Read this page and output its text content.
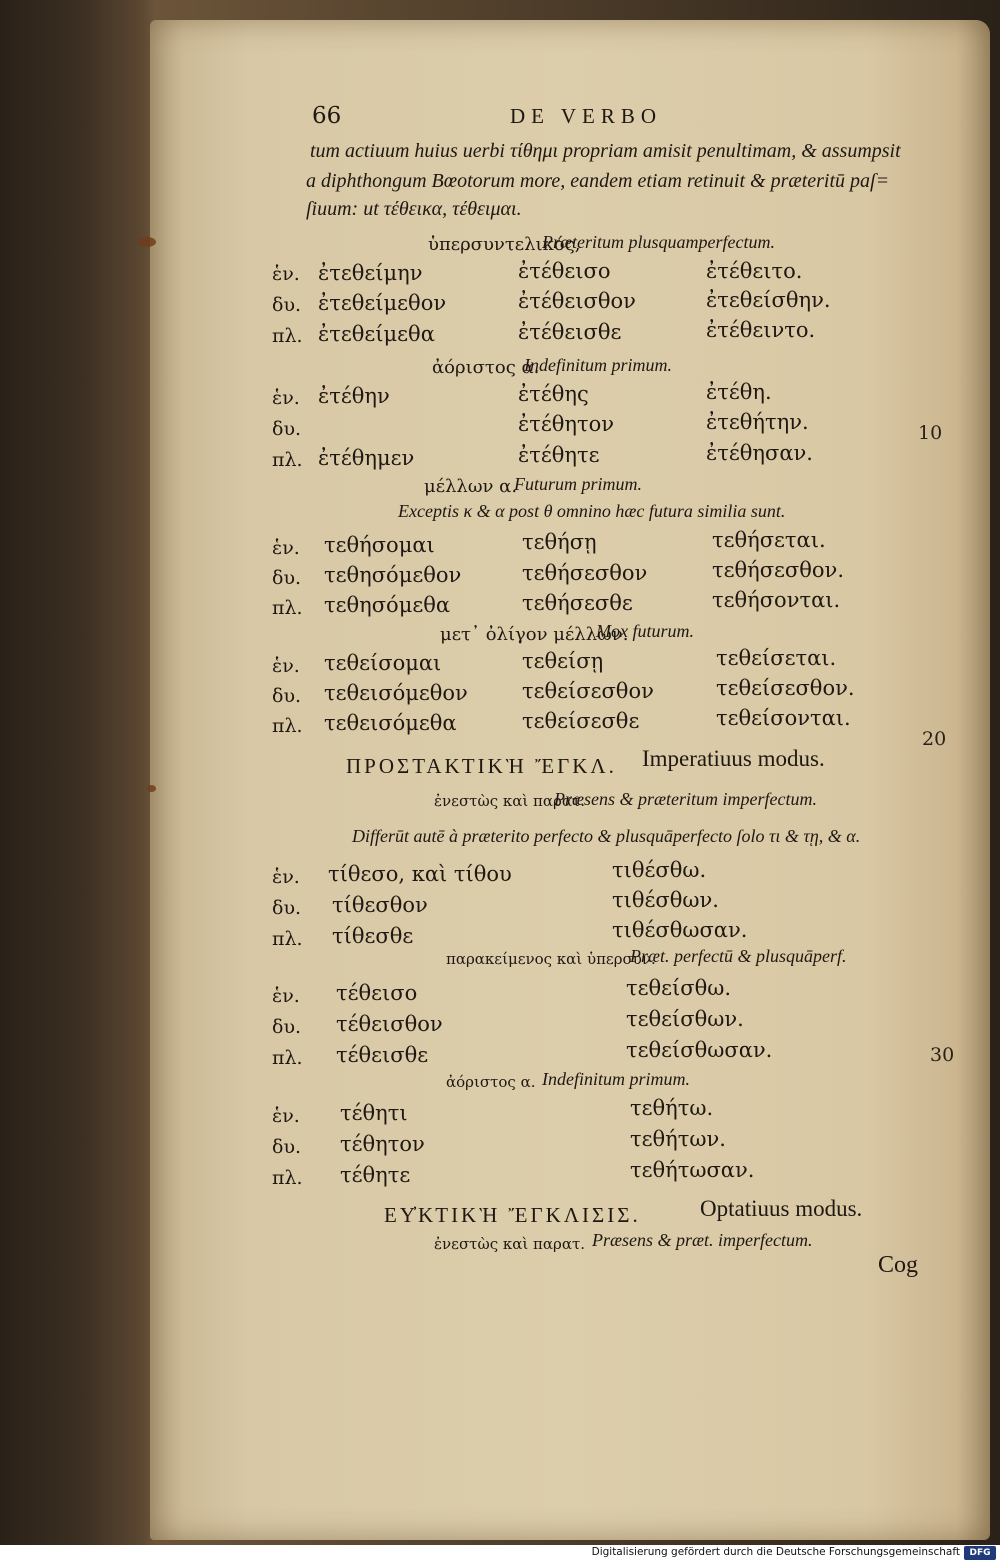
66	DE VERBO
tum actiuum huius uerbi τίθημι propriam amisit penultimam, & assumpsit
a diphthongum Bœotorum more, eandem etiam retinuit & præteritū paſ=
ſiuum: ut τέθεικα, τέθειμαι.
ὑπερσυντελικός,
Præteritum plusquamperfectum.
ἑν. ἐτεθείμην	ἐτέθεισο	ἐτέθειτο.
δυ. ἐτεθείμεθον	ἐτέθεισθον	ἐτεθείσθην.
πλ. ἐτεθείμεθα	ἐτέθεισθε	ἐτέθειντο.
ἀόριστος α.
Indefinitum primum.
ἑν. ἐτέθην	ἐτέθης	ἐτέθη.
δυ.	ἐτέθητον	ἐτεθήτην.
πλ. ἐτέθημεν	ἐτέθητε	ἐτέθησαν.
10
μέλλων α.
Futurum primum.
Exceptis κ & α post θ omnino hæc futura similia sunt.
ἑν. τεθήσομαι	τεθήσῃ	τεθήσεται.
δυ. τεθησόμεθον	τεθήσεσθον	τεθήσεσθον.
πλ. τεθησόμεθα	τεθήσεσθε	τεθήσονται.
μετ᾽ ὀλίγον μέλλων.
Mox futurum.
ἑν. τεθείσομαι	τεθείσῃ	τεθείσεται.
δυ. τεθεισόμεθον	τεθείσεσθον	τεθείσεσθον.
πλ. τεθεισόμεθα	τεθείσεσθε	τεθείσονται.
20
ΠΡΟΣΤΑΚΤΙΚῊ ἜΓΚΛ. Imperatiuus modus.
ἐνεστὼς καὶ παρατ.
Præsens & præteritum imperfectum.
Differūt autē à præterito perfecto & plusquāperfecto ſolo τι & τῃ, & α.
ἑν. τίθεσο, καὶ τίθου	τιθέσθω.
δυ. τίθεσθον	τιθέσθων.
πλ. τίθεσθε	τιθέσθωσαν.
παρακείμενος καὶ ὑπερσυν.
Præt. perfectū & plusquāperf.
ἑν. τέθεισο	τεθείσθω.
δυ. τέθεισθον	τεθείσθων.
πλ. τέθεισθε	τεθείσθωσαν.	30
ἀόριστος α. Indefinitum primum.
ἑν. τέθητι	τεθήτω.
δυ. τέθητον	τεθήτων.
πλ. τέθητε	τεθήτωσαν.
ΕΥ̓ΚΤΙΚῊ ἜΓΚΛΙΣΙΣ.	Optatiuus modus.
ἐνεστὼς καὶ παρατ. Præsens & præt. imperfectum.
Cog
Digitalisierung gefördert durch die Deutsche Forschungsgemeinschaft	DFG
